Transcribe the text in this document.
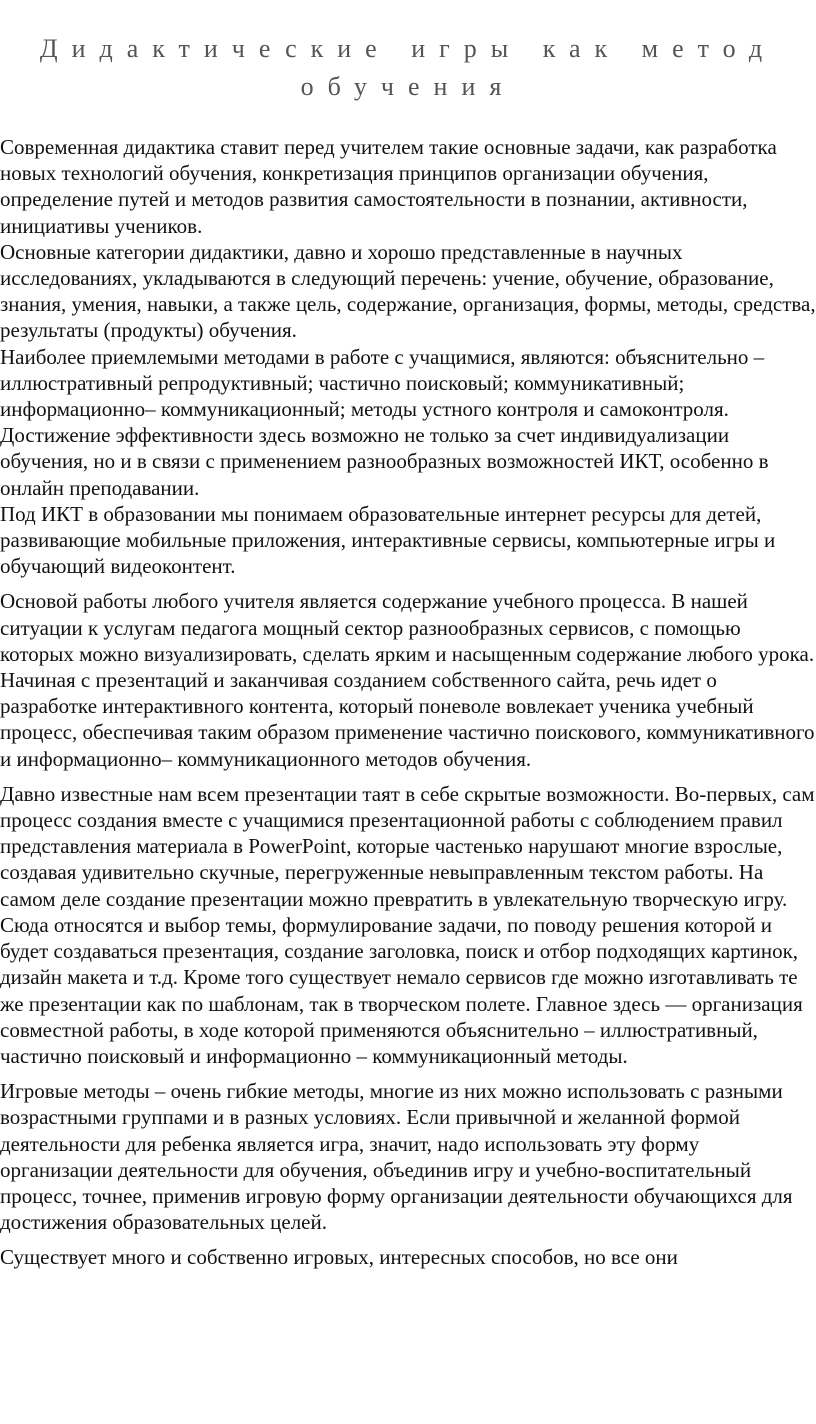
Дидактические игры как метод
обучения

Современная дидактика ставит перед учителем такие основные задачи, как разработка новых технологий обучения, конкретизация принципов организации обучения, определение путей и методов развития самостоятельности в познании, активности, инициативы учеников.

Основные категории дидактики, давно и хорошо представленные в научных исследованиях, укладываются в следующий перечень: учение, обучение, образование, знания, умения, навыки, а также цель, содержание, организация, формы, методы, средства, результаты (продукты) обучения.

Наиболее приемлемыми методами в работе с учащимися, являются: объяснительно –иллюстративный репродуктивный; частично поисковый; коммуникативный; информационно– коммуникационный; методы устного контроля и самоконтроля. Достижение эффективности здесь возможно не только за счет индивидуализации обучения, но и в связи с применением разнообразных возможностей ИКТ, особенно в онлайн преподавании.

Под ИКТ в образовании мы понимаем образовательные интернет ресурсы для детей, развивающие мобильные приложения, интерактивные сервисы, компьютерные игры и обучающий видеоконтент.

Основой работы любого учителя является содержание учебного процесса. В нашей ситуации к услугам педагога мощный сектор разнообразных сервисов, с помощью которых можно визуализировать, сделать ярким и насыщенным содержание любого урока. Начиная с презентаций и заканчивая созданием собственного сайта, речь идет о разработке интерактивного контента, который поневоле вовлекает ученика учебный процесс, обеспечивая таким образом применение частично поискового, коммуникативного и информационно– коммуникационного методов обучения.

Давно известные нам всем презентации таят в себе скрытые возможности. Во-первых, сам процесс создания вместе с учащимися презентационной работы с соблюдением правил представления материала в PowerPoint, которые частенько нарушают многие взрослые, создавая удивительно скучные, перегруженные невыправленным текстом работы. На самом деле создание презентации можно превратить в увлекательную творческую игру. Сюда относятся и выбор темы, формулирование задачи, по поводу решения которой и будет создаваться презентация, создание заголовка, поиск и отбор подходящих картинок, дизайн макета и т.д. Кроме того существует немало сервисов где можно изготавливать те же презентации как по шаблонам, так в творческом полете. Главное здесь — организация совместной работы, в ходе которой применяются объяснительно – иллюстративный, частично поисковый и информационно – коммуникационный методы.

Игровые методы – очень гибкие методы, многие из них можно использовать с разными возрастными группами и в разных условиях. Если привычной и желанной формой деятельности для ребенка является игра, значит, надо использовать эту форму организации деятельности для обучения, объединив игру и учебно-воспитательный процесс, точнее, применив игровую форму организации деятельности обучающихся для достижения образовательных целей.

Существует много и собственно игровых, интересных способов, но все они
